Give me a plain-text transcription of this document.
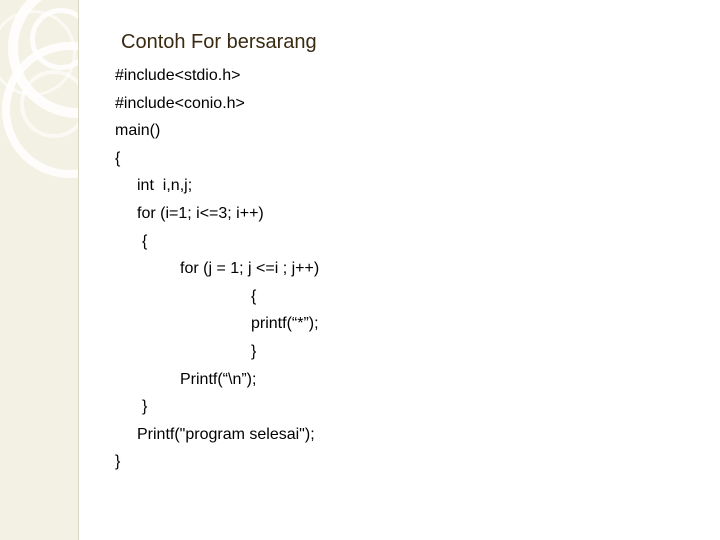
Contoh For bersarang
#include<stdio.h>
#include<conio.h>
main()
{
int  i,n,j;
for (i=1; i<=3; i++)
{
for (j = 1; j <=i ; j++)
{
printf(“*”);
}
Printf(“\n”);
}
Printf("program selesai");
}
